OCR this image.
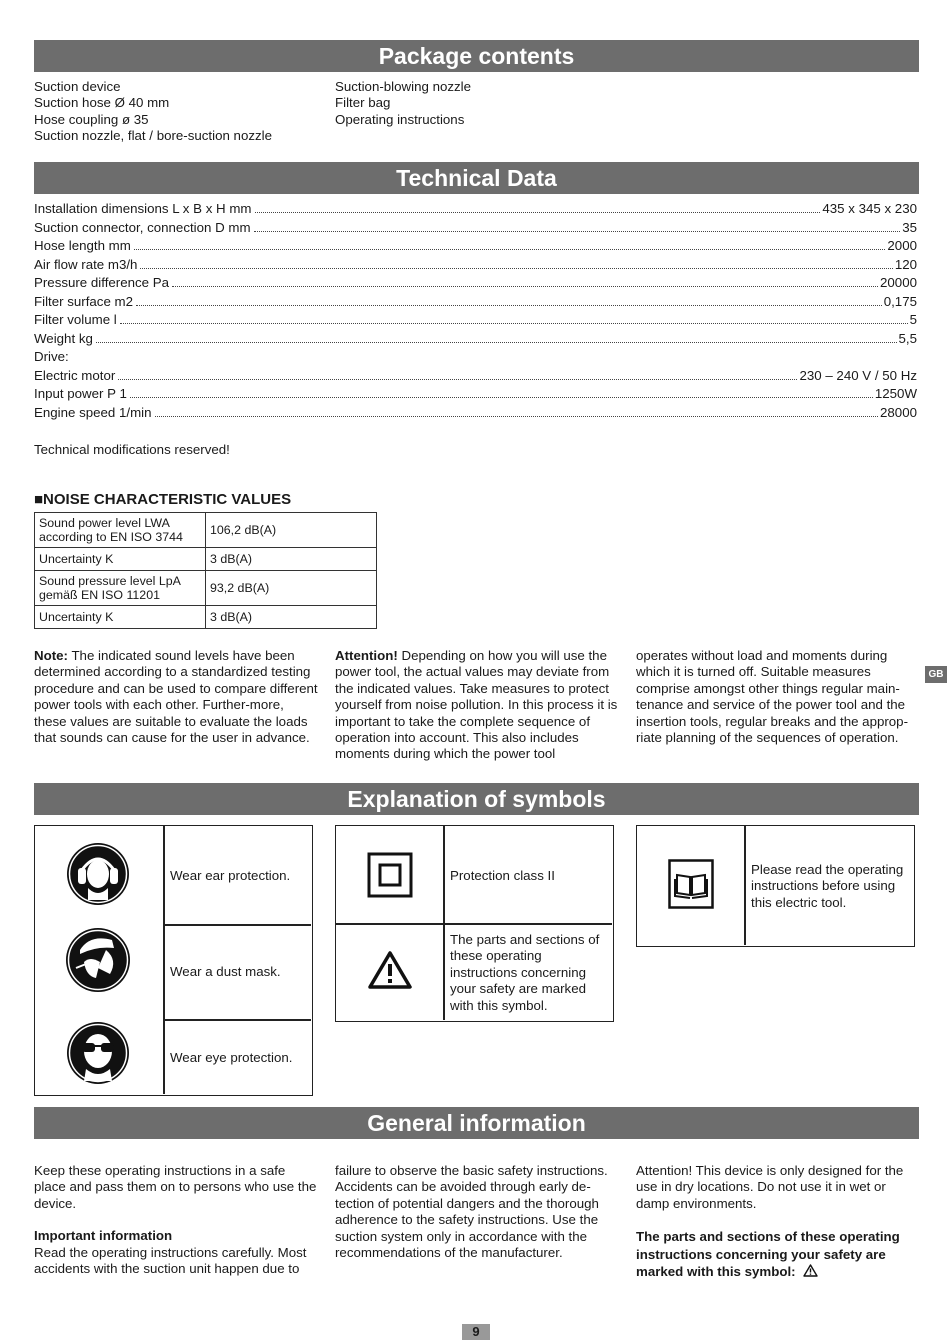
Package contents
Suction device
Suction hose Ø 40 mm
Hose coupling ø 35
Suction nozzle, flat / bore-suction nozzle
Suction-blowing nozzle
Filter bag
Operating instructions
Technical Data
Installation dimensions L x B x H mm	435 x 345 x 230
Suction connector, connection D mm	35
Hose length mm	2000
Air flow rate m3/h	120
Pressure difference Pa	20000
Filter surface m2	0,175
Filter volume l	5
Weight kg	5,5
Drive:
Electric motor	230 – 240 V / 50 Hz
Input power P 1	1250W
Engine speed 1/min	28000
Technical modifications reserved!
■NOISE CHARACTERISTIC VALUES
Sound power level LWA according to EN ISO 3744	106,2 dB(A)
Uncertainty K	3 dB(A)
Sound pressure level LpA gemäß EN ISO 11201	93,2 dB(A)
Uncertainty K	3 dB(A)
Note: The indicated sound levels have been determined according to a standardized testing procedure and can be used to compare different power tools with each other. Further-more, these values are suitable to evaluate the loads that sounds can cause for the user in advance.
Attention! Depending on how you will use the power tool, the actual values may deviate from the indicated values. Take measures to protect yourself from noise pollution. In this process it is important to take the complete sequence of operation into account. This also includes moments during which the power tool
operates without load and moments during which it is turned off. Suitable measures comprise amongst other things regular main-tenance and service of the power tool and the insertion tools, regular breaks and the approp-riate planning of the sequences of operation.
GB
Explanation of symbols
Wear ear protection.
Wear a dust mask.
Wear eye protection.
Protection class II
The parts and sections of these operating instructions concerning your safety are marked with this symbol.
Please read the operating instructions before using this electric tool.
General information
Keep these operating instructions in a safe place and pass them on to persons who use the device.
Important information
Read the operating instructions carefully. Most accidents with the suction unit happen due to
failure to observe the basic safety instructions. Accidents can be avoided through early de-tection of potential dangers and the thorough adherence to the safety instructions. Use the suction system only in accordance with the recommendations of the manufacturer.
Attention! This device is only designed for the use in dry locations. Do not use it in wet or damp environments.
The parts and sections of these operating instructions concerning your safety are marked with this symbol:
9
